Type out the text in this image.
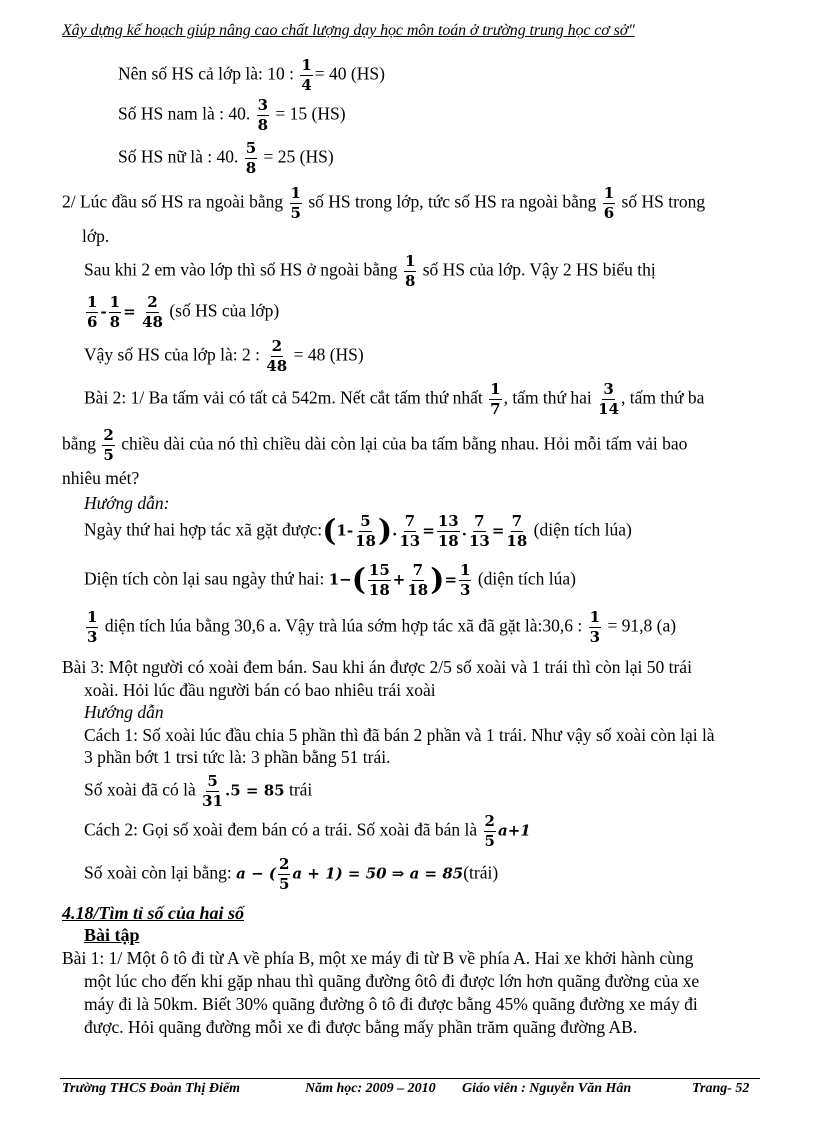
Xây dựng kế hoạch giúp nâng cao chất lượng dạy học môn toán ở trường trung học cơ sở"
Nên số HS cả lớp là: 10 : $\frac{1}{4} = 40$ (HS)
Số HS nam là : 40. $\frac{3}{8} = 15$ (HS)
Số HS nữ là : 40. $\frac{5}{8} = 25$ (HS)
2/ Lúc đầu số HS ra ngoài bằng $\frac{1}{5}$ số HS trong lớp, tức số HS ra ngoài bằng $\frac{1}{6}$ số HS trong
lớp.
Sau khi 2 em vào lớp thì số HS ở ngoài bằng $\frac{1}{8}$ số HS của lớp. Vậy 2 HS biểu thị
$\frac{1}{6} - \frac{1}{8} = \frac{2}{48}$ (số HS của lớp)
Vậy số HS của lớp là: 2 : $\frac{2}{48} = 48$ (HS)
Bài 2: 1/ Ba tấm vải có tất cả 542m. Nết cắt tấm thứ nhất $\frac{1}{7}$ , tấm thứ hai $\frac{3}{14}$ , tấm thứ ba
bằng $\frac{2}{5}$ chiều dài của nó thì chiều dài còn lại của ba tấm bằng nhau. Hỏi mỗi tấm vải bao
nhiêu mét?
Hướng dẫn:
Ngày thứ hai hợp tác xã gặt được:(1- $\frac{5}{18}$ ). $\frac{7}{13} = \frac{13}{18}$ . $\frac{7}{13} = \frac{7}{18}$ (diện tích lúa)
Diện tích còn lại sau ngày thứ hai: $1-( \frac{15}{18} + \frac{7}{18}$ )= $\frac{1}{3}$ (diện tích lúa)
$\frac{1}{3}$ diện tích lúa bằng 30,6 a. Vậy trà lúa sớm hợp tác xã đã gặt là:30,6 : $\frac{1}{3} = 91,8$ (a)
Bài 3: Một người có xoài đem bán. Sau khi án được 2/5 số xoài và 1 trái thì còn lại 50 trái
xoài. Hỏi lúc đầu người bán có bao nhiêu trái xoài
Hướng dẫn
Cách 1: Số xoài lúc đầu chia 5 phần thì đã bán 2 phần và 1 trái. Như vậy số xoài còn lại là
3 phần bớt 1 trsi tức là: 3 phần bằng 51 trái.
Số xoài đã có là $\frac{5}{31} .5 = 85$ trái
Cách 2: Gọi số xoài đem bán có a trái. Số xoài đã bán là $\frac{2}{5} a+1$
Số xoài còn lại bằng: a − ( $\frac{2}{5}$ a + 1) = 50 ⇒ a = 85(trái)
4.18/Tìm tỉ số của hai số
Bài tập
Bài 1: 1/ Một ô tô đi từ A về phía B, một xe máy đi từ B về phía A. Hai xe khởi hành cùng
một lúc cho đến khi gặp nhau thì quãng đường ôtô đi được lớn hơn quãng đường của xe
máy đi là 50km. Biết 30% quãng đường ô tô đi được bằng 45% quãng đường xe máy đi
được. Hỏi quãng đường mỗi xe đi được bằng mấy phần trăm quãng đường AB.
Trường THCS Đoàn Thị Điểm	Năm học: 2009 – 2010 Giáo viên : Nguyễn Văn Hân	Trang- 52
